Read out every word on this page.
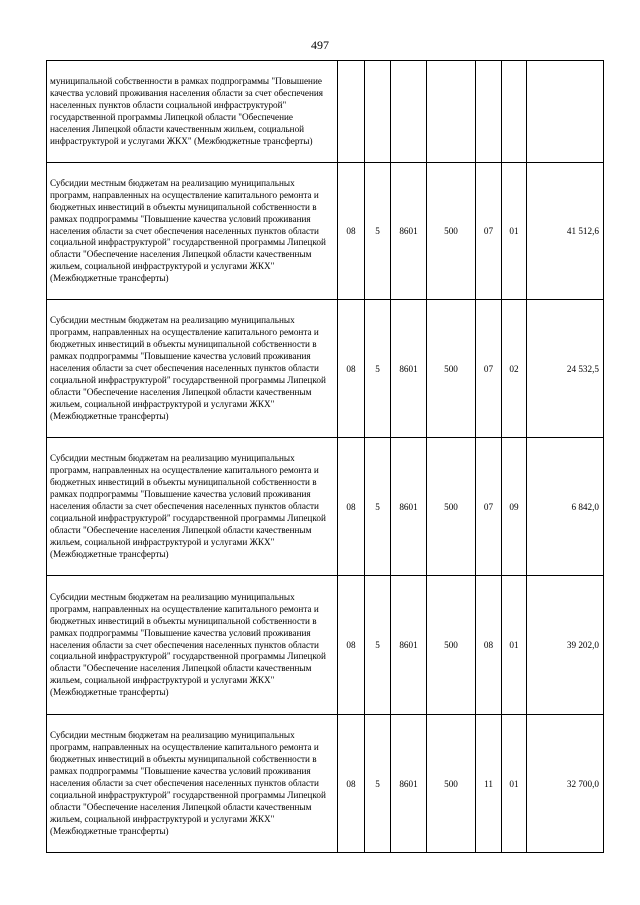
497
муниципальной собственности в рамках подпрограммы "Повышение качества условий проживания населения области за счет обеспечения населенных пунктов области социальной инфраструктурой" государственной программы Липецкой области "Обеспечение населения Липецкой области качественным жильем, социальной инфраструктурой и услугами ЖКХ" (Межбюджетные трансферты)							
Субсидии местным бюджетам на реализацию муниципальных программ, направленных на осуществление капитального ремонта и бюджетных инвестиций в объекты муниципальной собственности в рамках подпрограммы "Повышение качества условий проживания населения области за счет обеспечения населенных пунктов области социальной инфраструктурой" государственной программы Липецкой области "Обеспечение населения Липецкой области качественным жильем, социальной инфраструктурой и услугами ЖКХ" (Межбюджетные трансферты)	08	5	8601	500	07	01	41 512,6
Субсидии местным бюджетам на реализацию муниципальных программ, направленных на осуществление капитального ремонта и бюджетных инвестиций в объекты муниципальной собственности в рамках подпрограммы "Повышение качества условий проживания населения области за счет обеспечения населенных пунктов области социальной инфраструктурой" государственной программы Липецкой области "Обеспечение населения Липецкой области качественным жильем, социальной инфраструктурой и услугами ЖКХ" (Межбюджетные трансферты)	08	5	8601	500	07	02	24 532,5
Субсидии местным бюджетам на реализацию муниципальных программ, направленных на осуществление капитального ремонта и бюджетных инвестиций в объекты муниципальной собственности в рамках подпрограммы "Повышение качества условий проживания населения области за счет обеспечения населенных пунктов области социальной инфраструктурой" государственной программы Липецкой области "Обеспечение населения Липецкой области качественным жильем, социальной инфраструктурой и услугами ЖКХ" (Межбюджетные трансферты)	08	5	8601	500	07	09	6 842,0
Субсидии местным бюджетам на реализацию муниципальных программ, направленных на осуществление капитального ремонта и бюджетных инвестиций в объекты муниципальной собственности в рамках подпрограммы "Повышение качества условий проживания населения области за счет обеспечения населенных пунктов области социальной инфраструктурой" государственной программы Липецкой области "Обеспечение населения Липецкой области качественным жильем, социальной инфраструктурой и услугами ЖКХ" (Межбюджетные трансферты)	08	5	8601	500	08	01	39 202,0
Субсидии местным бюджетам на реализацию муниципальных программ, направленных на осуществление капитального ремонта и бюджетных инвестиций в объекты муниципальной собственности в рамках подпрограммы "Повышение качества условий проживания населения области за счет обеспечения населенных пунктов области социальной инфраструктурой" государственной программы Липецкой области "Обеспечение населения Липецкой области качественным жильем, социальной инфраструктурой и услугами ЖКХ" (Межбюджетные трансферты)	08	5	8601	500	11	01	32 700,0
